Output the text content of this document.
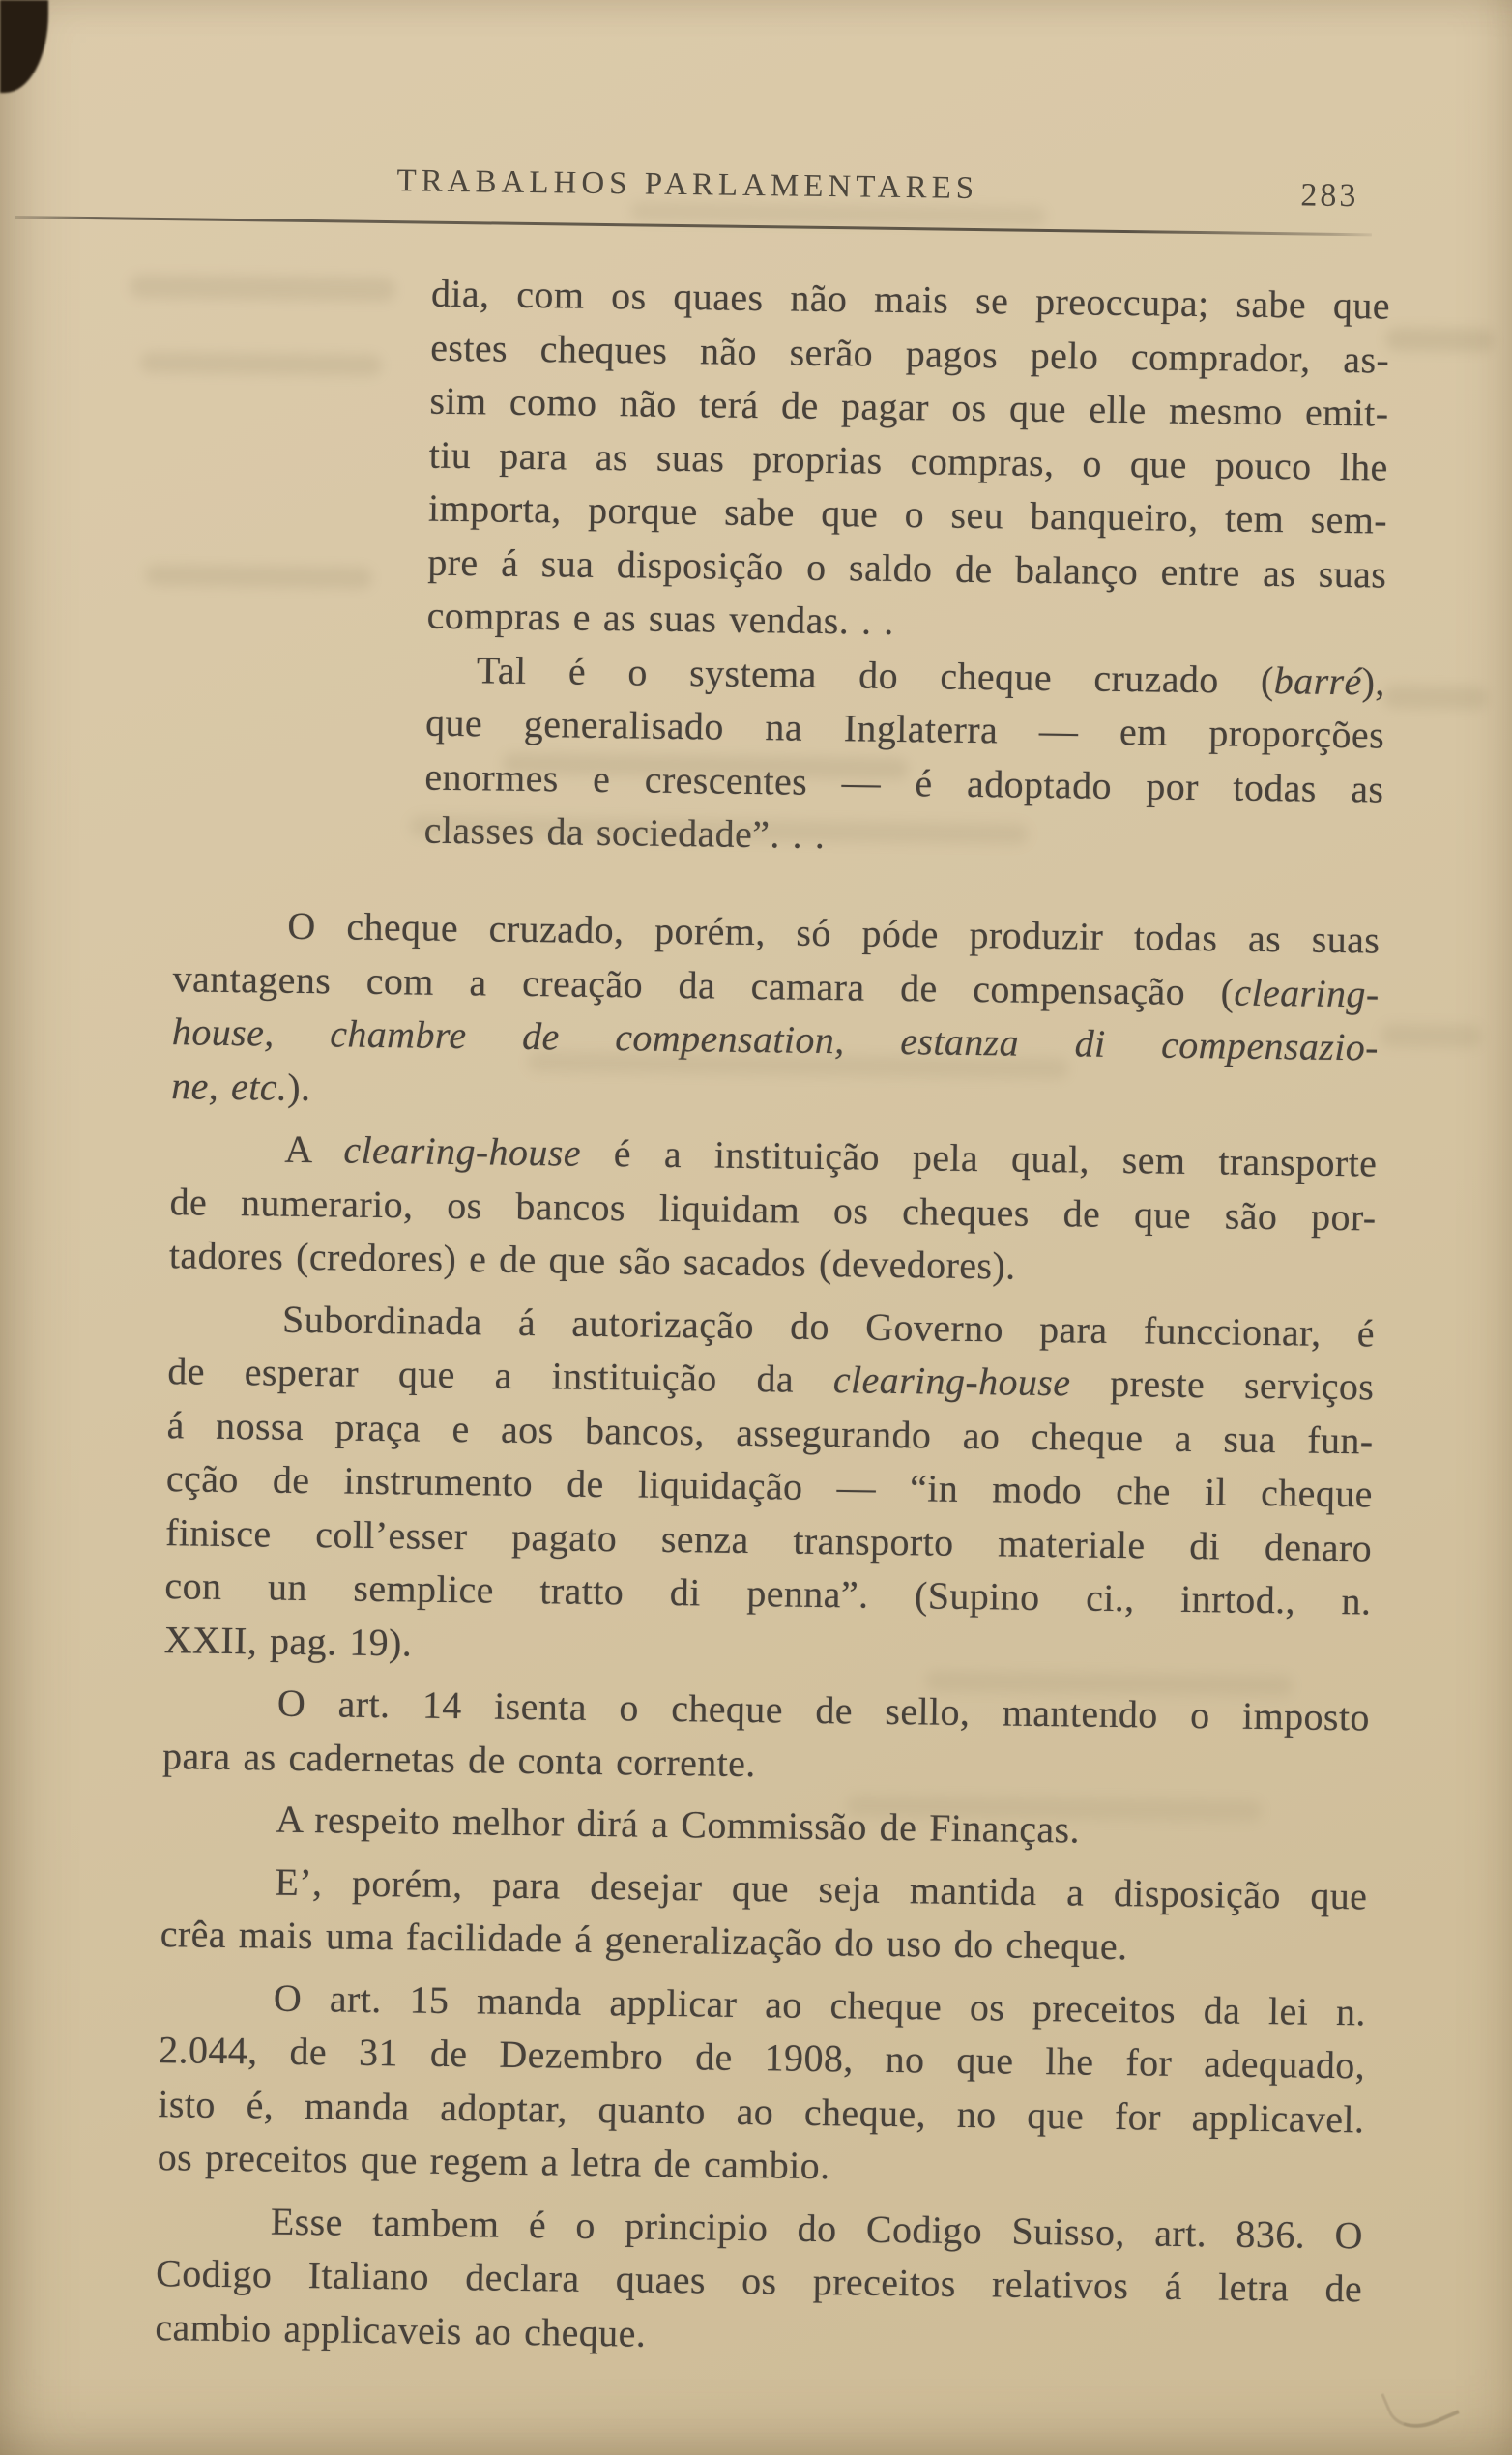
TRABALHOS PARLAMENTARES	283
dia, com os quaes não mais se preoccupa; sabe que
estes cheques não serão pagos pelo comprador, as-
sim como não terá de pagar os que elle mesmo emit-
tiu para as suas proprias compras, o que pouco lhe
importa, porque sabe que o seu banqueiro, tem sem-
pre á sua disposição o saldo de balanço entre as suas
compras e as suas vendas. . .
Tal é o systema do cheque cruzado (barré),
que generalisado na Inglaterra — em proporções
enormes e crescentes — é adoptado por todas as
classes da sociedade”. . .
O cheque cruzado, porém, só póde produzir todas as suas
vantagens com a creação da camara de compensação (clearing-
house, chambre de compensation, estanza di compensazio-
ne, etc.).
A clearing-house é a instituição pela qual, sem transporte
de numerario, os bancos liquidam os cheques de que são por-
tadores (credores) e de que são sacados (devedores).
Subordinada á autorização do Governo para funccionar, é
de esperar que a instituição da clearing-house preste serviços
á nossa praça e aos bancos, assegurando ao cheque a sua fun-
cção de instrumento de liquidação — “in modo che il cheque
finisce coll’esser pagato senza transporto materiale di denaro
con un semplice tratto di penna”. (Supino ci., inrtod., n.
XXII, pag. 19).
O art. 14 isenta o cheque de sello, mantendo o imposto
para as cadernetas de conta corrente.
A respeito melhor dirá a Commissão de Finanças.
E’, porém, para desejar que seja mantida a disposição que
crêa mais uma facilidade á generalização do uso do cheque.
O art. 15 manda applicar ao cheque os preceitos da lei n.
2.044, de 31 de Dezembro de 1908, no que lhe for adequado,
isto é, manda adoptar, quanto ao cheque, no que for applicavel.
os preceitos que regem a letra de cambio.
Esse tambem é o principio do Codigo Suisso, art. 836. O
Codigo Italiano declara quaes os preceitos relativos á letra de
cambio applicaveis ao cheque.
